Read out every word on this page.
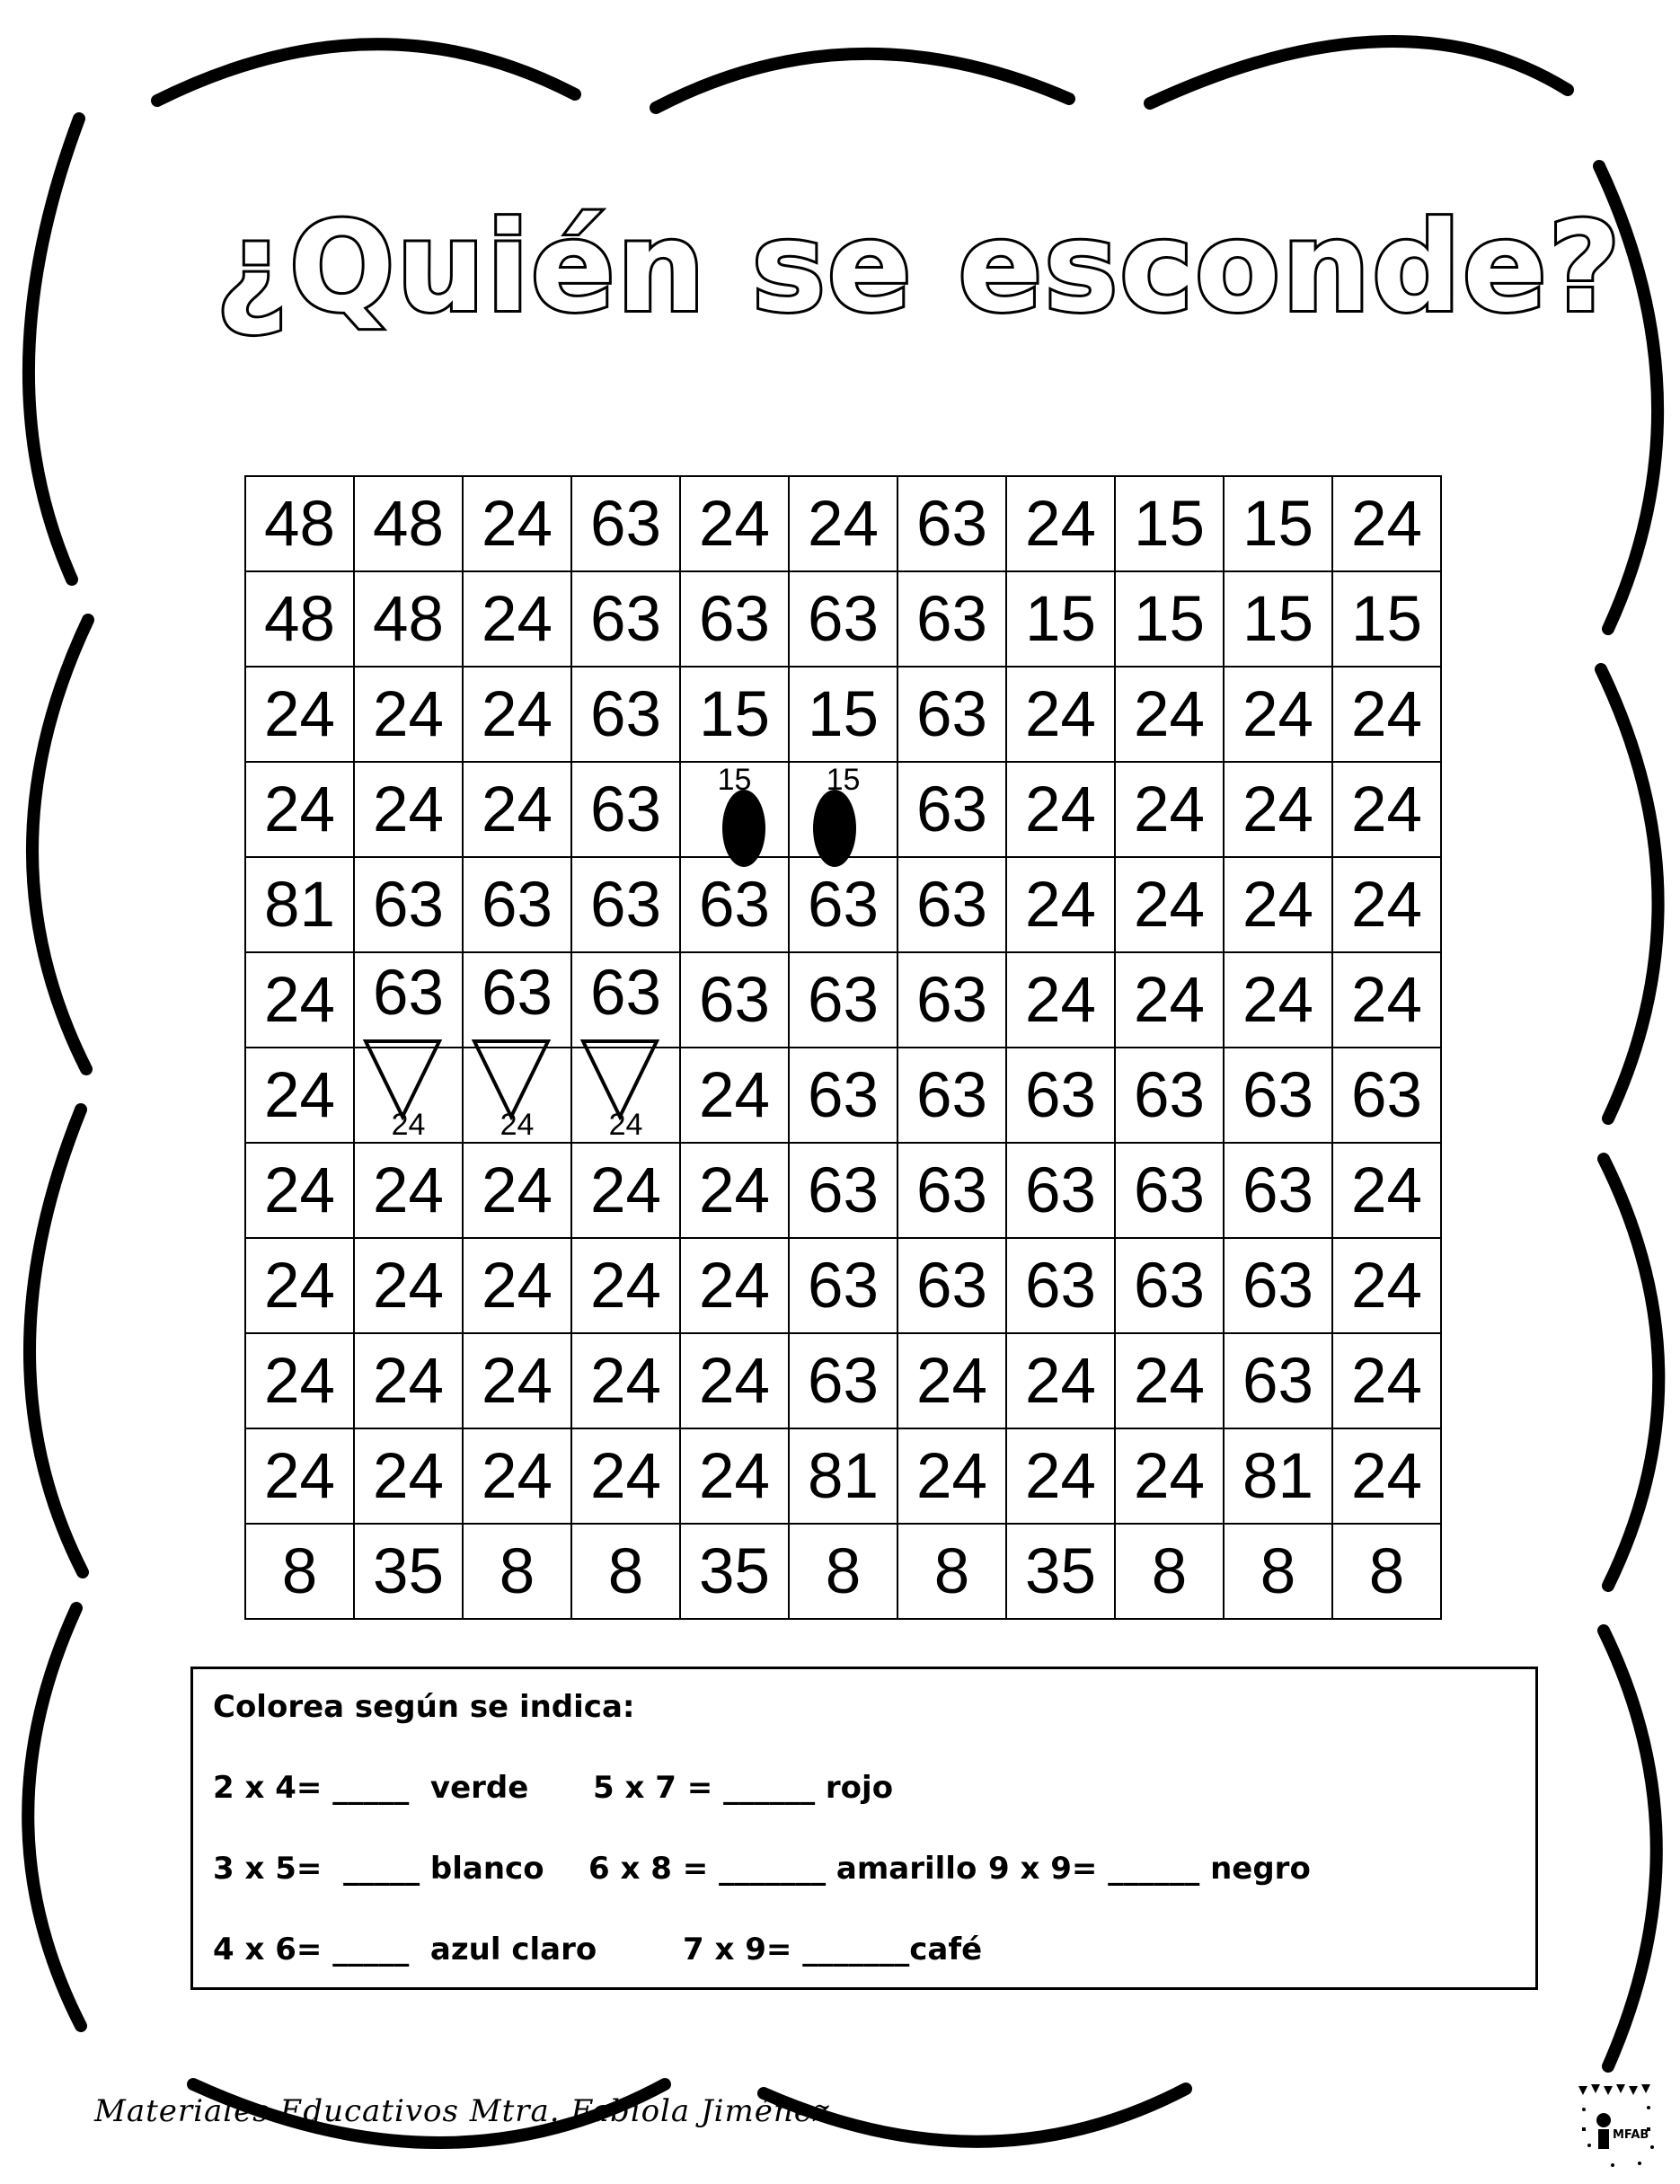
¿Quién se esconde?
48	48	24	63	24	24	63	24	15	15	24
48	48	24	63	63	63	63	15	15	15	15
24	24	24	63	15	15	63	24	24	24	24
24	24	24	63	15	15	63	24	24	24	24
81	63	63	63	63	63	63	24	24	24	24
24	63	63	63	63	63	63	24	24	24	24
24	24	24	24	24	63	63	63	63	63	63
24	24	24	24	24	63	63	63	63	63	24
24	24	24	24	24	63	63	63	63	63	24
24	24	24	24	24	63	24	24	24	63	24
24	24	24	24	24	81	24	24	24	81	24
8	35	8	8	35	8	8	35	8	8	8
Colorea según se indica:
2 x 4= _____  verde 5 x 7 = ______ rojo
3 x 5=  _____ blanco 6 x 8 = _______ amarillo 9 x 9= ______ negro
4 x 6= _____  azul claro	7 x 9= _______café
Materiales Educativos Mtra. Fabiola Jiménez
MFAB
